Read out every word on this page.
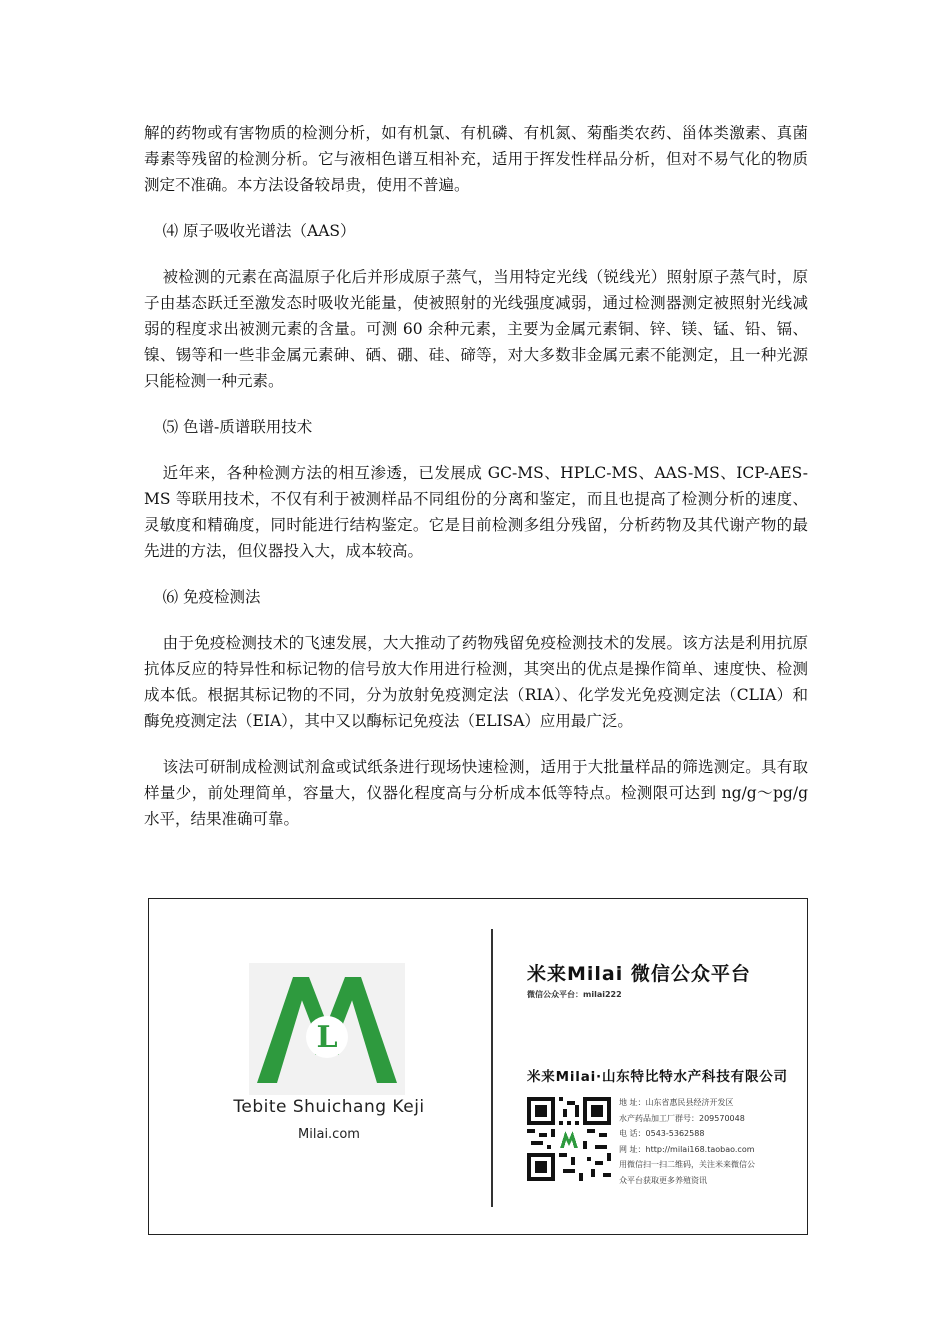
解的药物或有害物质的检测分析，如有机氯、有机磷、有机氮、菊酯类农药、甾体类激素、真菌毒素等残留的检测分析。它与液相色谱互相补充，适用于挥发性样品分析，但对不易气化的物质测定不准确。本方法设备较昂贵，使用不普遍。

⑷ 原子吸收光谱法（AAS）

被检测的元素在高温原子化后并形成原子蒸气，当用特定光线（锐线光）照射原子蒸气时，原子由基态跃迁至激发态时吸收光能量，使被照射的光线强度减弱，通过检测器测定被照射光线减弱的程度求出被测元素的含量。可测 60 余种元素，主要为金属元素铜、锌、镁、锰、铅、镉、镍、锡等和一些非金属元素砷、硒、硼、硅、碲等，对大多数非金属元素不能测定，且一种光源只能检测一种元素。

⑸ 色谱-质谱联用技术

近年来，各种检测方法的相互渗透，已发展成 GC-MS、HPLC-MS、AAS-MS、ICP-AES-MS 等联用技术，不仅有利于被测样品不同组份的分离和鉴定，而且也提高了检测分析的速度、灵敏度和精确度，同时能进行结构鉴定。它是目前检测多组分残留，分析药物及其代谢产物的最先进的方法，但仪器投入大，成本较高。

⑹ 免疫检测法

由于免疫检测技术的飞速发展，大大推动了药物残留免疫检测技术的发展。该方法是利用抗原抗体反应的特异性和标记物的信号放大作用进行检测，其突出的优点是操作简单、速度快、检测成本低。根据其标记物的不同，分为放射免疫测定法（RIA）、化学发光免疫测定法（CLIA）和酶免疫测定法（EIA），其中又以酶标记免疫法（ELISA）应用最广泛。

该法可研制成检测试剂盒或试纸条进行现场快速检测，适用于大批量样品的筛选测定。具有取样量少，前处理简单，容量大，仪器化程度高与分析成本低等特点。检测限可达到 ng/g～pg/g 水平，结果准确可靠。

L
Tebite Shuichang Keji
Milai.com
米来Milai 微信公众平台
微信公众平台：milai222
米来Milai·山东特比特水产科技有限公司
地 址：山东省惠民县经济开发区
水产药品加工厂群号：209570048
电 话：0543-5362588
网 址：http://milai168.taobao.com
用微信扫一扫二维码，关注米来微信公
众平台获取更多养殖资讯
